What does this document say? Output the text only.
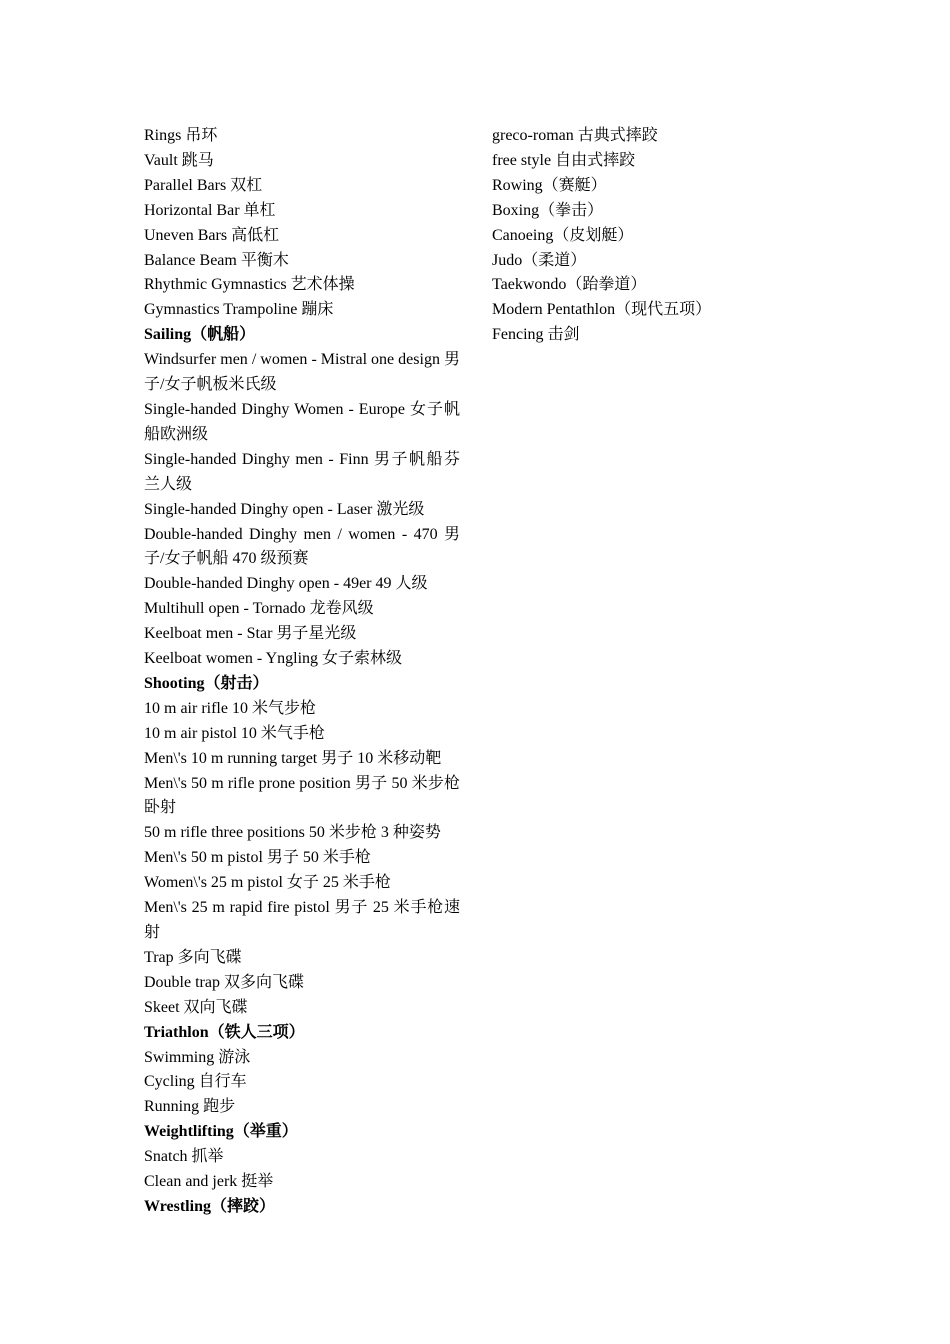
Rings 吊环

Vault 跳马

Parallel Bars 双杠

Horizontal Bar 单杠

Uneven Bars 高低杠

Balance Beam 平衡木

Rhythmic Gymnastics 艺术体操

Gymnastics Trampoline 蹦床

Sailing（帆船）

Windsurfer men / women - Mistral one design 男子/女子帆板米氏级

Single-handed Dinghy Women - Europe 女子帆船欧洲级

Single-handed Dinghy men - Finn 男子帆船芬兰人级

Single-handed Dinghy open - Laser 激光级

Double-handed Dinghy men / women - 470 男子/女子帆船 470 级预赛

Double-handed Dinghy open - 49er 49 人级

Multihull open - Tornado 龙卷风级

Keelboat men - Star 男子星光级

Keelboat women - Yngling 女子索林级

Shooting（射击）

10 m air rifle 10 米气步枪

10 m air pistol 10 米气手枪

Men\'s 10 m running target 男子 10 米移动靶

Men\'s 50 m rifle prone position 男子 50 米步枪卧射

50 m rifle three positions 50 米步枪 3 种姿势

Men\'s 50 m pistol 男子 50 米手枪

Women\'s 25 m pistol 女子 25 米手枪

Men\'s 25 m rapid fire pistol 男子 25 米手枪速射

Trap 多向飞碟

Double trap 双多向飞碟

Skeet 双向飞碟

Triathlon（铁人三项）

Swimming 游泳

Cycling 自行车

Running 跑步

Weightlifting（举重）

Snatch 抓举

Clean and jerk 挺举

Wrestling（摔跤）

greco-roman 古典式摔跤

free style 自由式摔跤

Rowing（赛艇）

Boxing（拳击）

Canoeing（皮划艇）

Judo（柔道）

Taekwondo（跆拳道）

Modern Pentathlon（现代五项）

Fencing 击剑
